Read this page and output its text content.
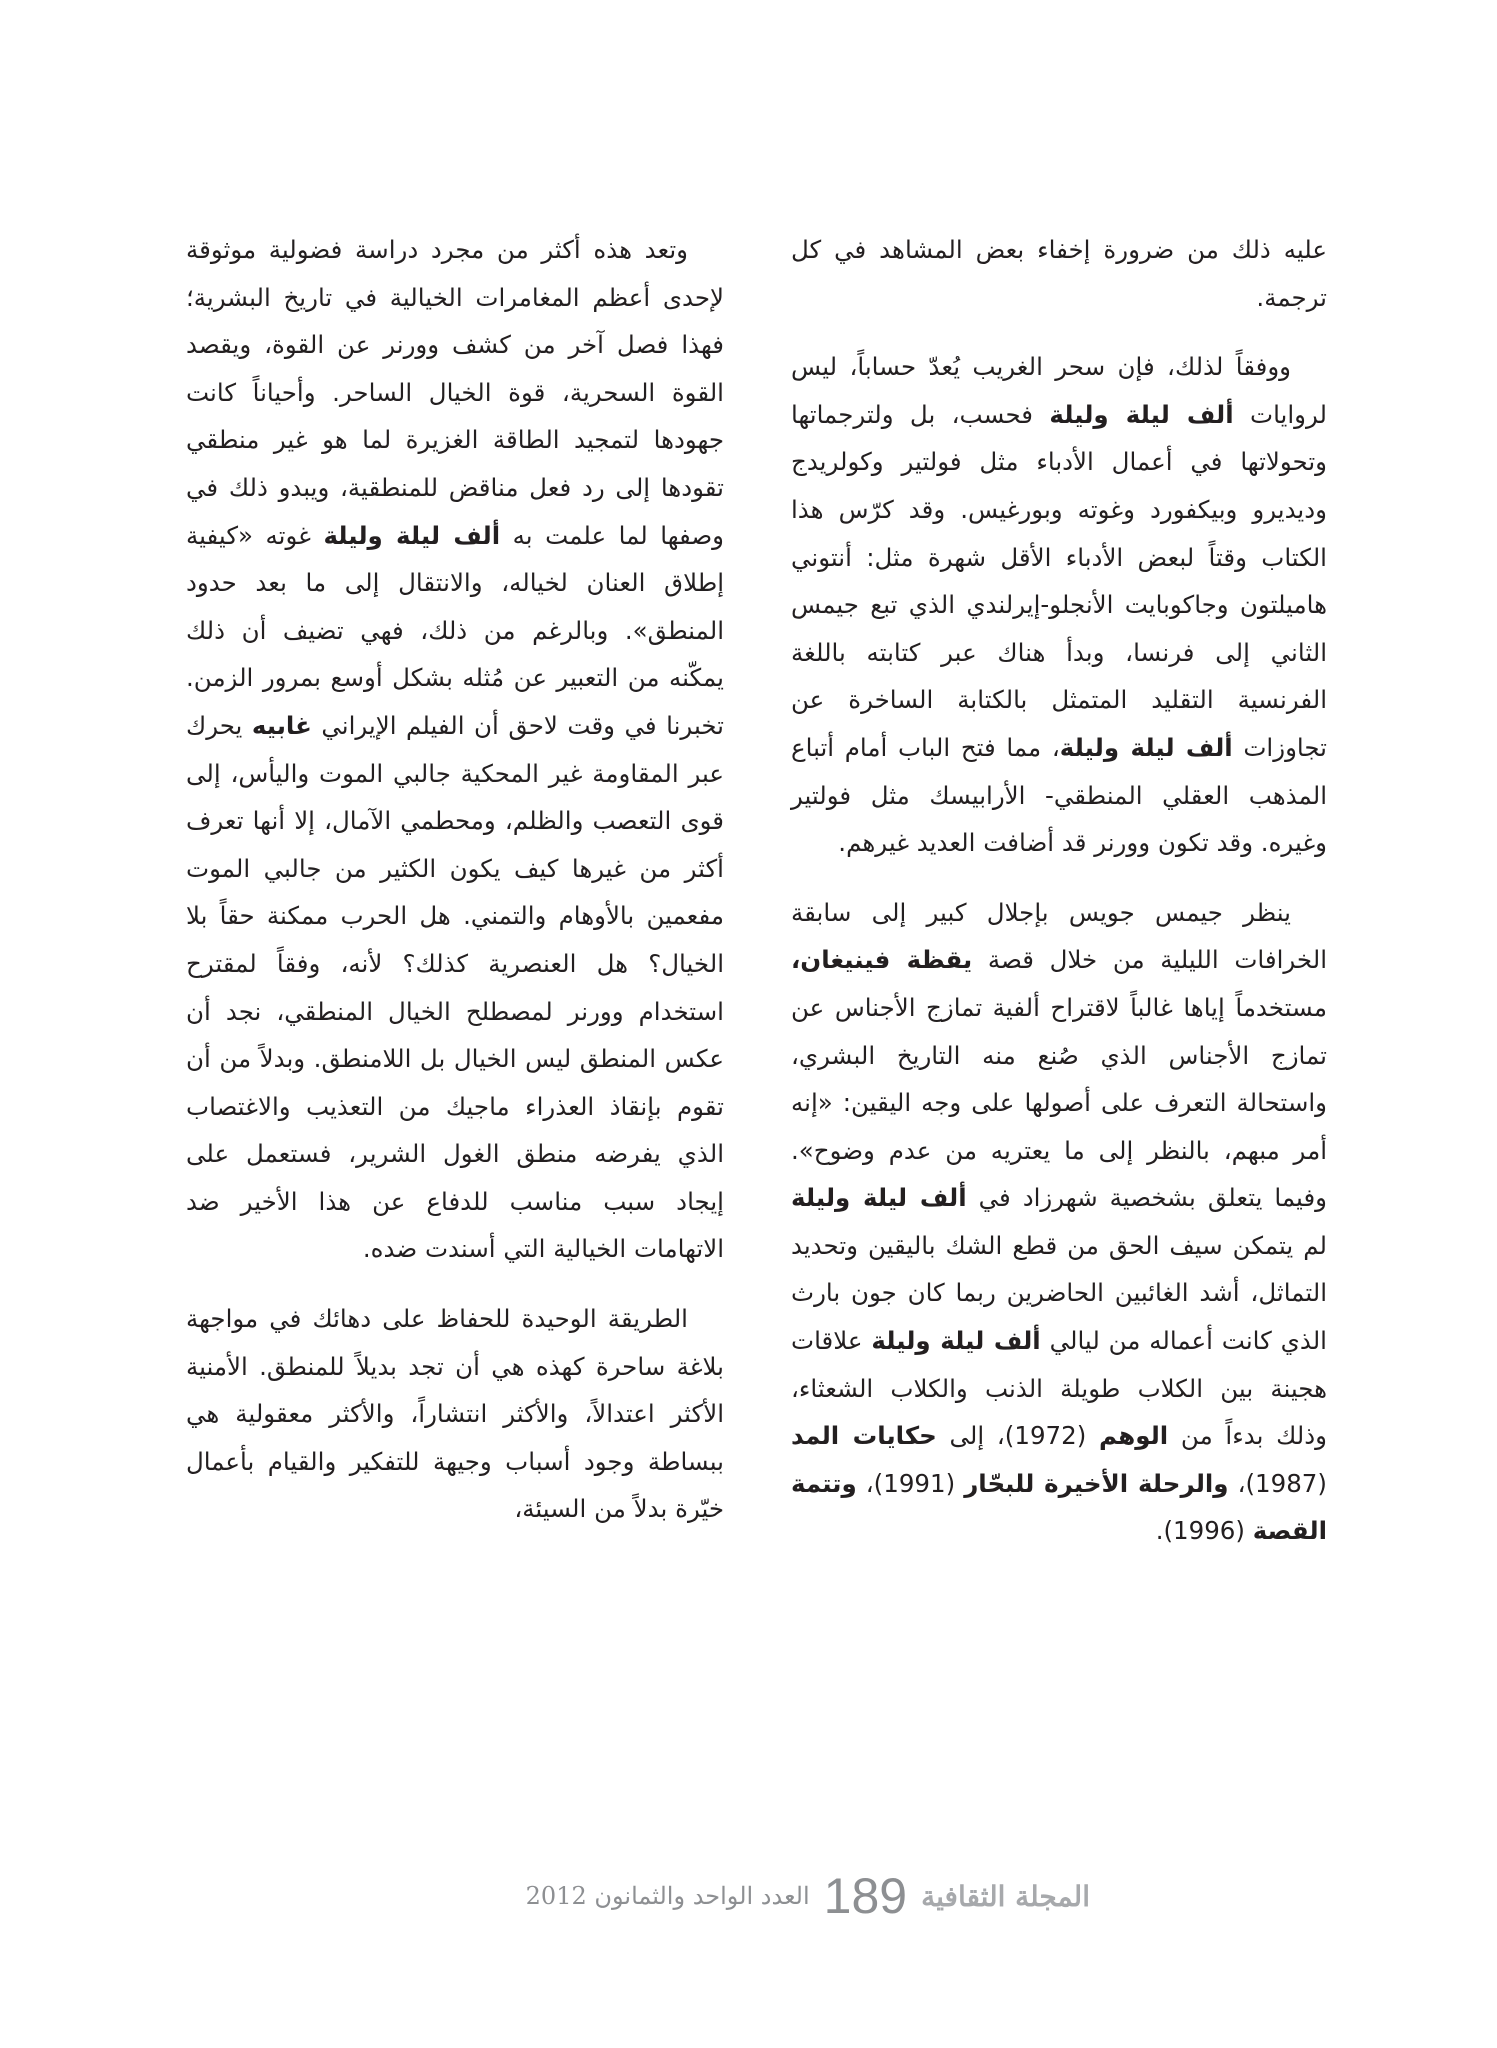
عليه ذلك من ضرورة إخفاء بعض المشاهد في كل ترجمة.

ووفقاً لذلك، فإن سحر الغريب يُعدّ حساباً، ليس لروايات ألف ليلة وليلة فحسب، بل ولترجماتها وتحولاتها في أعمال الأدباء مثل فولتير وكولريدج وديديرو وبيكفورد وغوته وبورغيس. وقد كرّس هذا الكتاب وقتاً لبعض الأدباء الأقل شهرة مثل: أنتوني هاميلتون وجاكوبايت الأنجلو-إيرلندي الذي تبع جيمس الثاني إلى فرنسا، وبدأ هناك عبر كتابته باللغة الفرنسية التقليد المتمثل بالكتابة الساخرة عن تجاوزات ألف ليلة وليلة، مما فتح الباب أمام أتباع المذهب العقلي المنطقي- الأرابيسك مثل فولتير وغيره. وقد تكون وورنر قد أضافت العديد غيرهم.

ينظر جيمس جويس بإجلال كبير إلى سابقة الخرافات الليلية من خلال قصة يقظة فينيغان، مستخدماً إياها غالباً لاقتراح ألفية تمازج الأجناس عن تمازج الأجناس الذي صُنع منه التاريخ البشري، واستحالة التعرف على أصولها على وجه اليقين: «إنه أمر مبهم، بالنظر إلى ما يعتريه من عدم وضوح». وفيما يتعلق بشخصية شهرزاد في ألف ليلة وليلة لم يتمكن سيف الحق من قطع الشك باليقين وتحديد التماثل، أشد الغائبين الحاضرين ربما كان جون بارث الذي كانت أعماله من ليالي ألف ليلة وليلة علاقات هجينة بين الكلاب طويلة الذنب والكلاب الشعثاء، وذلك بدءاً من الوهم (1972)، إلى حكايات المد (1987)، والرحلة الأخيرة للبحّار (1991)، وتتمة القصة (1996).

وتعد هذه أكثر من مجرد دراسة فضولية موثوقة لإحدى أعظم المغامرات الخيالية في تاريخ البشرية؛ فهذا فصل آخر من كشف وورنر عن القوة، ويقصد القوة السحرية، قوة الخيال الساحر. وأحياناً كانت جهودها لتمجيد الطاقة الغزيرة لما هو غير منطقي تقودها إلى رد فعل مناقض للمنطقية، ويبدو ذلك في وصفها لما علمت به ألف ليلة وليلة غوته «كيفية إطلاق العنان لخياله، والانتقال إلى ما بعد حدود المنطق». وبالرغم من ذلك، فهي تضيف أن ذلك يمكّنه من التعبير عن مُثله بشكل أوسع بمرور الزمن. تخبرنا في وقت لاحق أن الفيلم الإيراني غابيه يحرك عبر المقاومة غير المحكية جالبي الموت واليأس، إلى قوى التعصب والظلم، ومحطمي الآمال، إلا أنها تعرف أكثر من غيرها كيف يكون الكثير من جالبي الموت مفعمين بالأوهام والتمني. هل الحرب ممكنة حقاً بلا الخيال؟ هل العنصرية كذلك؟ لأنه، وفقاً لمقترح استخدام وورنر لمصطلح الخيال المنطقي، نجد أن عكس المنطق ليس الخيال بل اللامنطق. وبدلاً من أن تقوم بإنقاذ العذراء ماجيك من التعذيب والاغتصاب الذي يفرضه منطق الغول الشرير، فستعمل على إيجاد سبب مناسب للدفاع عن هذا الأخير ضد الاتهامات الخيالية التي أسندت ضده.

الطريقة الوحيدة للحفاظ على دهائك في مواجهة بلاغة ساحرة كهذه هي أن تجد بديلاً للمنطق. الأمنية الأكثر اعتدالاً، والأكثر انتشاراً، والأكثر معقولية هي ببساطة وجود أسباب وجيهة للتفكير والقيام بأعمال خيّرة بدلاً من السيئة،

المجلة الثقافية
189
العدد الواحد والثمانون 2012
